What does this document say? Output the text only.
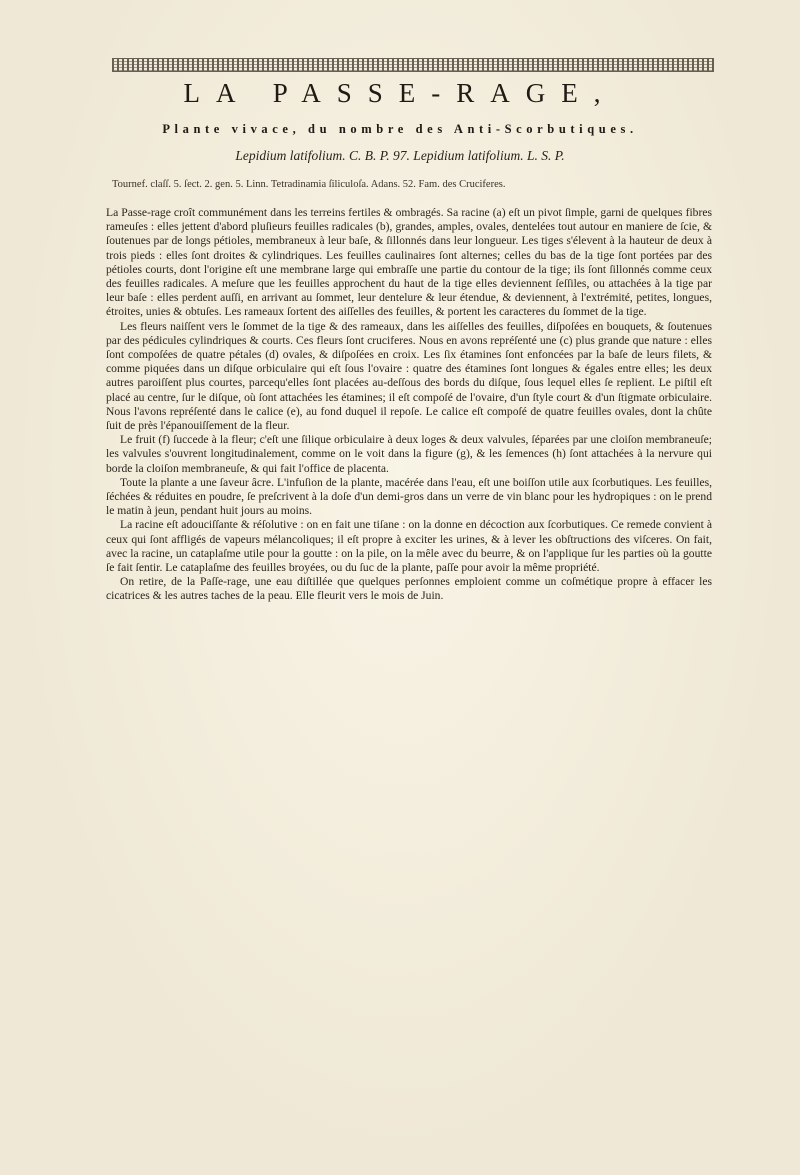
LA PASSE-RAGE,
Plante vivace, du nombre des Anti-Scorbutiques.
Lepidium latifolium. C. B. P. 97. Lepidium latifolium. L. S. P.
Tournef. claſſ. 5. ſect. 2. gen. 5. Linn. Tetradinamia ſiliculoſa. Adans. 52. Fam. des Cruciferes.

La Passe-rage croît communément dans les terreins fertiles & ombragés. Sa racine (a) eſt un pivot ſimple, garni de quelques fibres rameuſes : elles jettent d'abord pluſieurs feuilles radicales (b), grandes, amples, ovales, dentelées tout autour en maniere de ſcie, & ſoutenues par de longs pétioles, membraneux à leur baſe, & ſillonnés dans leur longueur. Les tiges s'élevent à la hauteur de deux à trois pieds : elles ſont droites & cylindriques. Les feuilles caulinaires ſont alternes; celles du bas de la tige ſont portées par des pétioles courts, dont l'origine eſt une membrane large qui embraſſe une partie du contour de la tige; ils ſont ſillonnés comme ceux des feuilles radicales. A meſure que les feuilles approchent du haut de la tige elles deviennent ſeſſiles, ou attachées à la tige par leur baſe : elles perdent auſſi, en arrivant au ſommet, leur dentelure & leur étendue, & deviennent, à l'extrémité, petites, longues, étroites, unies & obtuſes. Les rameaux ſortent des aiſſelles des feuilles, & portent les caracteres du ſommet de la tige.

Les fleurs naiſſent vers le ſommet de la tige & des rameaux, dans les aiſſelles des feuilles, diſpoſées en bouquets, & ſoutenues par des pédicules cylindriques & courts. Ces fleurs ſont cruciferes. Nous en avons repréſenté une (c) plus grande que nature : elles ſont compoſées de quatre pétales (d) ovales, & diſpoſées en croix. Les ſix étamines ſont enfoncées par la baſe de leurs filets, & comme piquées dans un diſque orbiculaire qui eſt ſous l'ovaire : quatre des étamines ſont longues & égales entre elles; les deux autres paroiſſent plus courtes, parcequ'elles ſont placées au-deſſous des bords du diſque, ſous lequel elles ſe replient. Le piſtil eſt placé au centre, ſur le diſque, où ſont attachées les étamines; il eſt compoſé de l'ovaire, d'un ſtyle court & d'un ſtigmate orbiculaire. Nous l'avons repréſenté dans le calice (e), au fond duquel il repoſe. Le calice eſt compoſé de quatre feuilles ovales, dont la chûte ſuit de près l'épanouiſſement de la fleur.

Le fruit (f) ſuccede à la fleur; c'eſt une ſilique orbiculaire à deux loges & deux valvules, ſéparées par une cloiſon membraneuſe; les valvules s'ouvrent longitudinalement, comme on le voit dans la figure (g), & les ſemences (h) ſont attachées à la nervure qui borde la cloiſon membraneuſe, & qui fait l'office de placenta.

Toute la plante a une ſaveur âcre. L'infuſion de la plante, macérée dans l'eau, eſt une boiſſon utile aux ſcorbutiques. Les feuilles, ſéchées & réduites en poudre, ſe preſcrivent à la doſe d'un demi-gros dans un verre de vin blanc pour les hydropiques : on le prend le matin à jeun, pendant huit jours au moins.

La racine eſt adouciſſante & réſolutive : on en fait une tiſane : on la donne en décoction aux ſcorbutiques. Ce remede convient à ceux qui ſont affligés de vapeurs mélancoliques; il eſt propre à exciter les urines, & à lever les obſtructions des viſceres. On fait, avec la racine, un cataplaſme utile pour la goutte : on la pile, on la mêle avec du beurre, & on l'applique ſur les parties où la goutte ſe fait ſentir. Le cataplaſme des feuilles broyées, ou du ſuc de la plante, paſſe pour avoir la même propriété.

On retire, de la Paſſe-rage, une eau diſtillée que quelques perſonnes emploient comme un coſmétique propre à effacer les cicatrices & les autres taches de la peau. Elle fleurit vers le mois de Juin.
